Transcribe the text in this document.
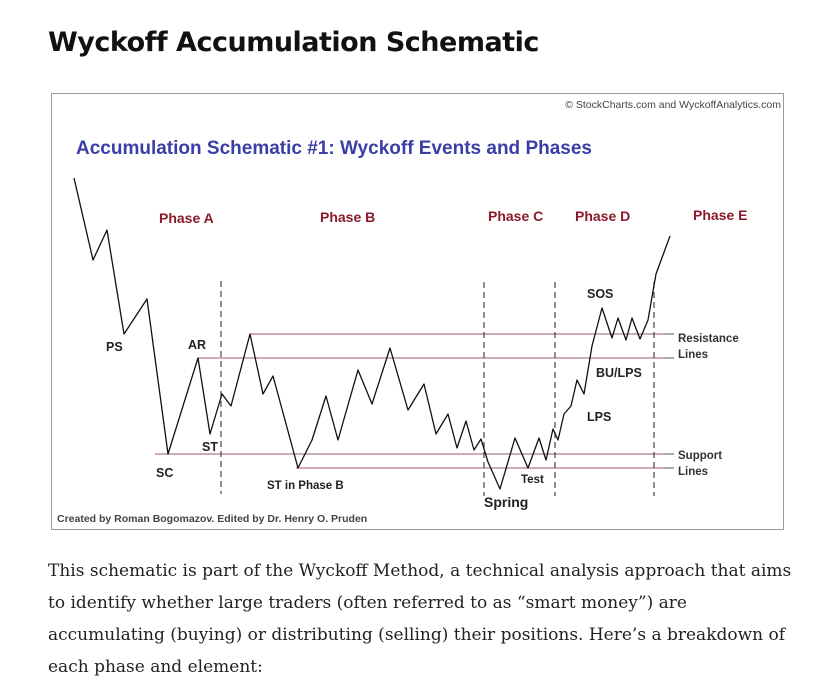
Wyckoff Accumulation Schematic
© StockCharts.com and WyckoffAnalytics.com
Accumulation Schematic #1: Wyckoff Events and Phases
Phase A	Phase B	Phase C Phase D	Phase E
PS	AR
ST
SC
SOS
BU/LPS
LPS
ST in Phase B
Spring
Test
Resistance
Lines
Support
Lines
Created by Roman Bogomazov. Edited by Dr. Henry O. Pruden

This schematic is part of the Wyckoff Method, a technical analysis approach that aims to identify whether large traders (often referred to as “smart money”) are accumulating (buying) or distributing (selling) their positions. Here’s a breakdown of each phase and element:
